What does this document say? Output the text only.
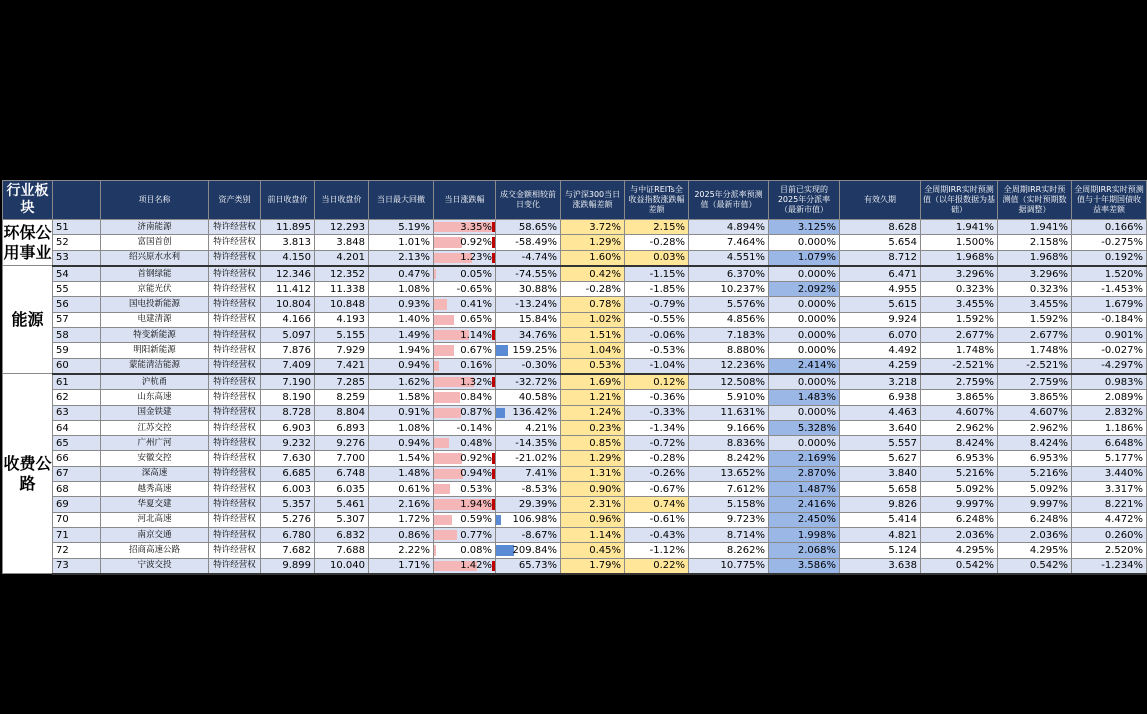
行业板块		项目名称	资产类别	前日收盘价	当日收盘价	当日最大回撤	当日涨跌幅	成交金额相较前日变化	与沪深300当日涨跌幅差额	与中证REITs全收益指数涨跌幅差额	2025年分派率预测值（最新市值）	目前已实现的2025年分派率（最新市值）	有效久期	全周期IRR实时预测值（以年报数据为基础）	全周期IRR实时预测值（实时预期数据调整）	全周期IRR实时预测值与十年期国债收益率差额
环保公用事业	51	济南能源	特许经营权	11.895	12.293	5.19%	3.35%	58.65%	3.72%	2.15%	4.894%	3.125%	8.628	1.941%	1.941%	0.166%
	52	富国首创	特许经营权	3.813	3.848	1.01%	0.92%	-58.49%	1.29%	-0.28%	7.464%	0.000%	5.654	1.500%	2.158%	-0.275%
	53	绍兴原水水利	特许经营权	4.150	4.201	2.13%	1.23%	-4.74%	1.60%	0.03%	4.551%	1.079%	8.712	1.968%	1.968%	0.192%
能源	54	首钢绿能	特许经营权	12.346	12.352	0.47%	0.05%	-74.55%	0.42%	-1.15%	6.370%	0.000%	6.471	3.296%	3.296%	1.520%
	55	京能光伏	特许经营权	11.412	11.338	1.08%	-0.65%	30.88%	-0.28%	-1.85%	10.237%	2.092%	4.955	0.323%	0.323%	-1.453%
	56	国电投新能源	特许经营权	10.804	10.848	0.93%	0.41%	-13.24%	0.78%	-0.79%	5.576%	0.000%	5.615	3.455%	3.455%	1.679%
	57	电建清源	特许经营权	4.166	4.193	1.40%	0.65%	15.84%	1.02%	-0.55%	4.856%	0.000%	9.924	1.592%	1.592%	-0.184%
	58	特变新能源	特许经营权	5.097	5.155	1.49%	1.14%	34.76%	1.51%	-0.06%	7.183%	0.000%	6.070	2.677%	2.677%	0.901%
	59	明阳新能源	特许经营权	7.876	7.929	1.94%	0.67%	159.25%	1.04%	-0.53%	8.880%	0.000%	4.492	1.748%	1.748%	-0.027%
	60	蒙能清洁能源	特许经营权	7.409	7.421	0.94%	0.16%	-0.30%	0.53%	-1.04%	12.236%	2.414%	4.259	-2.521%	-2.521%	-4.297%
收费公路	61	沪杭甬	特许经营权	7.190	7.285	1.62%	1.32%	-32.72%	1.69%	0.12%	12.508%	0.000%	3.218	2.759%	2.759%	0.983%
	62	山东高速	特许经营权	8.190	8.259	1.58%	0.84%	40.58%	1.21%	-0.36%	5.910%	1.483%	6.938	3.865%	3.865%	2.089%
	63	国金铁建	特许经营权	8.728	8.804	0.91%	0.87%	136.42%	1.24%	-0.33%	11.631%	0.000%	4.463	4.607%	4.607%	2.832%
	64	江苏交控	特许经营权	6.903	6.893	1.08%	-0.14%	4.21%	0.23%	-1.34%	9.166%	5.328%	3.640	2.962%	2.962%	1.186%
	65	广州广河	特许经营权	9.232	9.276	0.94%	0.48%	-14.35%	0.85%	-0.72%	8.836%	0.000%	5.557	8.424%	8.424%	6.648%
	66	安徽交控	特许经营权	7.630	7.700	1.54%	0.92%	-21.02%	1.29%	-0.28%	8.242%	2.169%	5.627	6.953%	6.953%	5.177%
	67	深高速	特许经营权	6.685	6.748	1.48%	0.94%	7.41%	1.31%	-0.26%	13.652%	2.870%	3.840	5.216%	5.216%	3.440%
	68	越秀高速	特许经营权	6.003	6.035	0.61%	0.53%	-8.53%	0.90%	-0.67%	7.612%	1.487%	5.658	5.092%	5.092%	3.317%
	69	华夏交建	特许经营权	5.357	5.461	2.16%	1.94%	29.39%	2.31%	0.74%	5.158%	2.416%	9.826	9.997%	9.997%	8.221%
	70	河北高速	特许经营权	5.276	5.307	1.72%	0.59%	106.98%	0.96%	-0.61%	9.723%	2.450%	5.414	6.248%	6.248%	4.472%
	71	南京交通	特许经营权	6.780	6.832	0.86%	0.77%	-8.67%	1.14%	-0.43%	8.714%	1.998%	4.821	2.036%	2.036%	0.260%
	72	招商高速公路	特许经营权	7.682	7.688	2.22%	0.08%	209.84%	0.45%	-1.12%	8.262%	2.068%	5.124	4.295%	4.295%	2.520%
	73	宁波交投	特许经营权	9.899	10.040	1.71%	1.42%	65.73%	1.79%	0.22%	10.775%	3.586%	3.638	0.542%	0.542%	-1.234%
